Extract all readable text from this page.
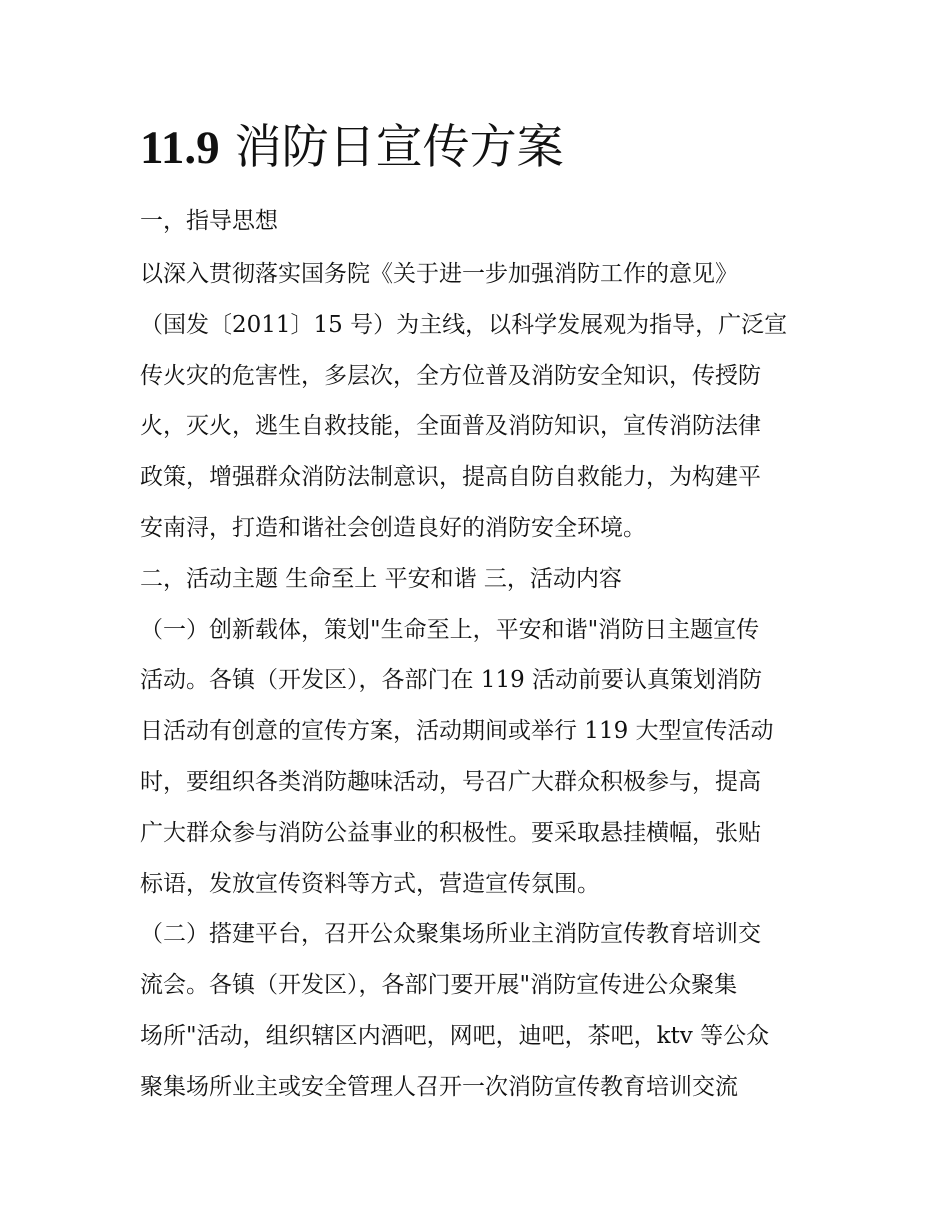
11.9 消防日宣传方案
一，指导思想
以深入贯彻落实国务院《关于进一步加强消防工作的意见》
（国发〔2011〕15 号）为主线，以科学发展观为指导，广泛宣
传火灾的危害性，多层次，全方位普及消防安全知识，传授防
火，灭火，逃生自救技能，全面普及消防知识，宣传消防法律
政策，增强群众消防法制意识，提高自防自救能力，为构建平
安南浔，打造和谐社会创造良好的消防安全环境。
二，活动主题 生命至上 平安和谐 三，活动内容
（一）创新载体，策划"生命至上，平安和谐"消防日主题宣传
活动。各镇（开发区），各部门在 119 活动前要认真策划消防
日活动有创意的宣传方案，活动期间或举行 119 大型宣传活动
时，要组织各类消防趣味活动，号召广大群众积极参与，提高
广大群众参与消防公益事业的积极性。要采取悬挂横幅，张贴
标语，发放宣传资料等方式，营造宣传氛围。
（二）搭建平台，召开公众聚集场所业主消防宣传教育培训交
流会。各镇（开发区），各部门要开展"消防宣传进公众聚集
场所"活动，组织辖区内酒吧，网吧，迪吧，茶吧，ktv 等公众
聚集场所业主或安全管理人召开一次消防宣传教育培训交流
